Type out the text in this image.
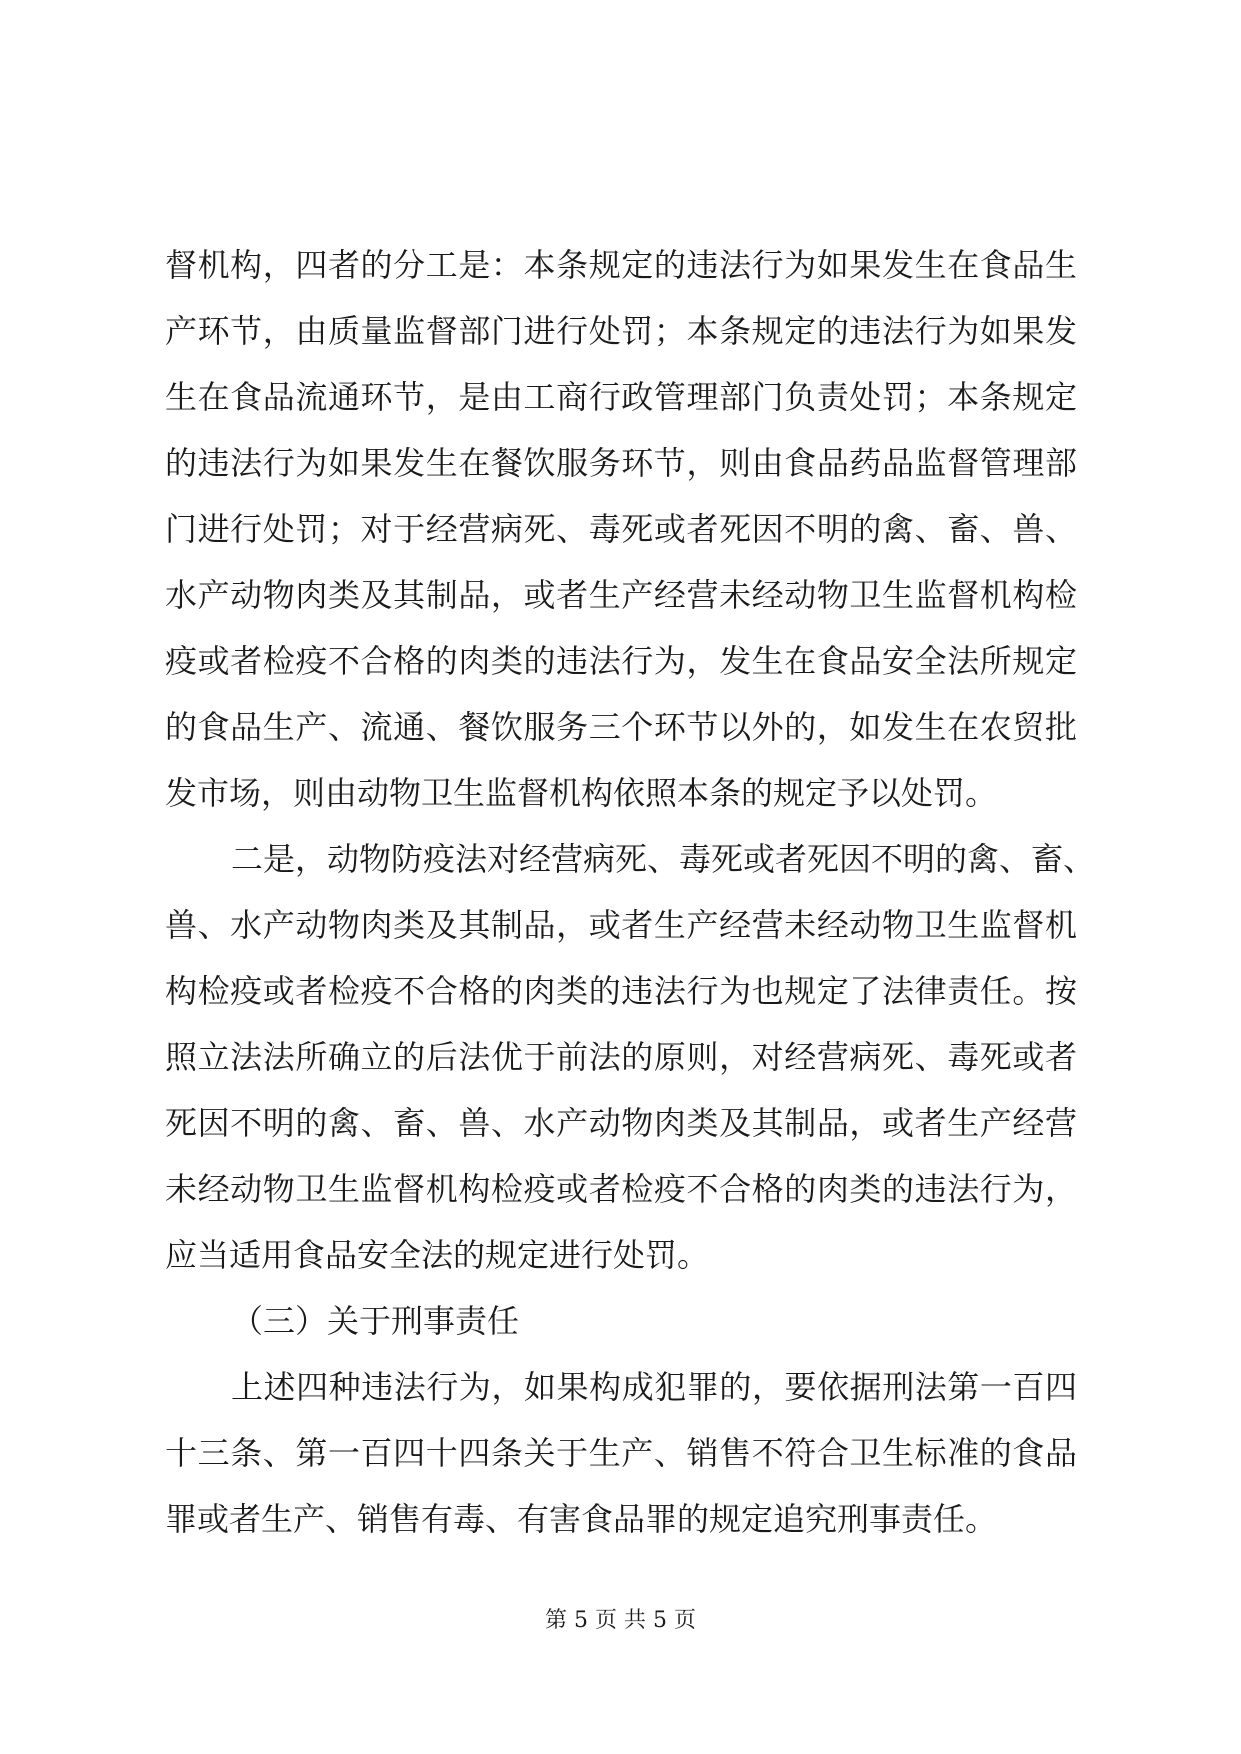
督机构，四者的分工是：本条规定的违法行为如果发生在食品生
产环节，由质量监督部门进行处罚；本条规定的违法行为如果发
生在食品流通环节，是由工商行政管理部门负责处罚；本条规定
的违法行为如果发生在餐饮服务环节，则由食品药品监督管理部
门进行处罚；对于经营病死、毒死或者死因不明的禽、畜、兽、
水产动物肉类及其制品，或者生产经营未经动物卫生监督机构检
疫或者检疫不合格的肉类的违法行为，发生在食品安全法所规定
的食品生产、流通、餐饮服务三个环节以外的，如发生在农贸批
发市场，则由动物卫生监督机构依照本条的规定予以处罚。
二是，动物防疫法对经营病死、毒死或者死因不明的禽、畜、
兽、水产动物肉类及其制品，或者生产经营未经动物卫生监督机
构检疫或者检疫不合格的肉类的违法行为也规定了法律责任。按
照立法法所确立的后法优于前法的原则，对经营病死、毒死或者
死因不明的禽、畜、兽、水产动物肉类及其制品，或者生产经营
未经动物卫生监督机构检疫或者检疫不合格的肉类的违法行为，
应当适用食品安全法的规定进行处罚。
（三）关于刑事责任
上述四种违法行为，如果构成犯罪的，要依据刑法第一百四
十三条、第一百四十四条关于生产、销售不符合卫生标准的食品
罪或者生产、销售有毒、有害食品罪的规定追究刑事责任。
第 5 页 共 5 页
